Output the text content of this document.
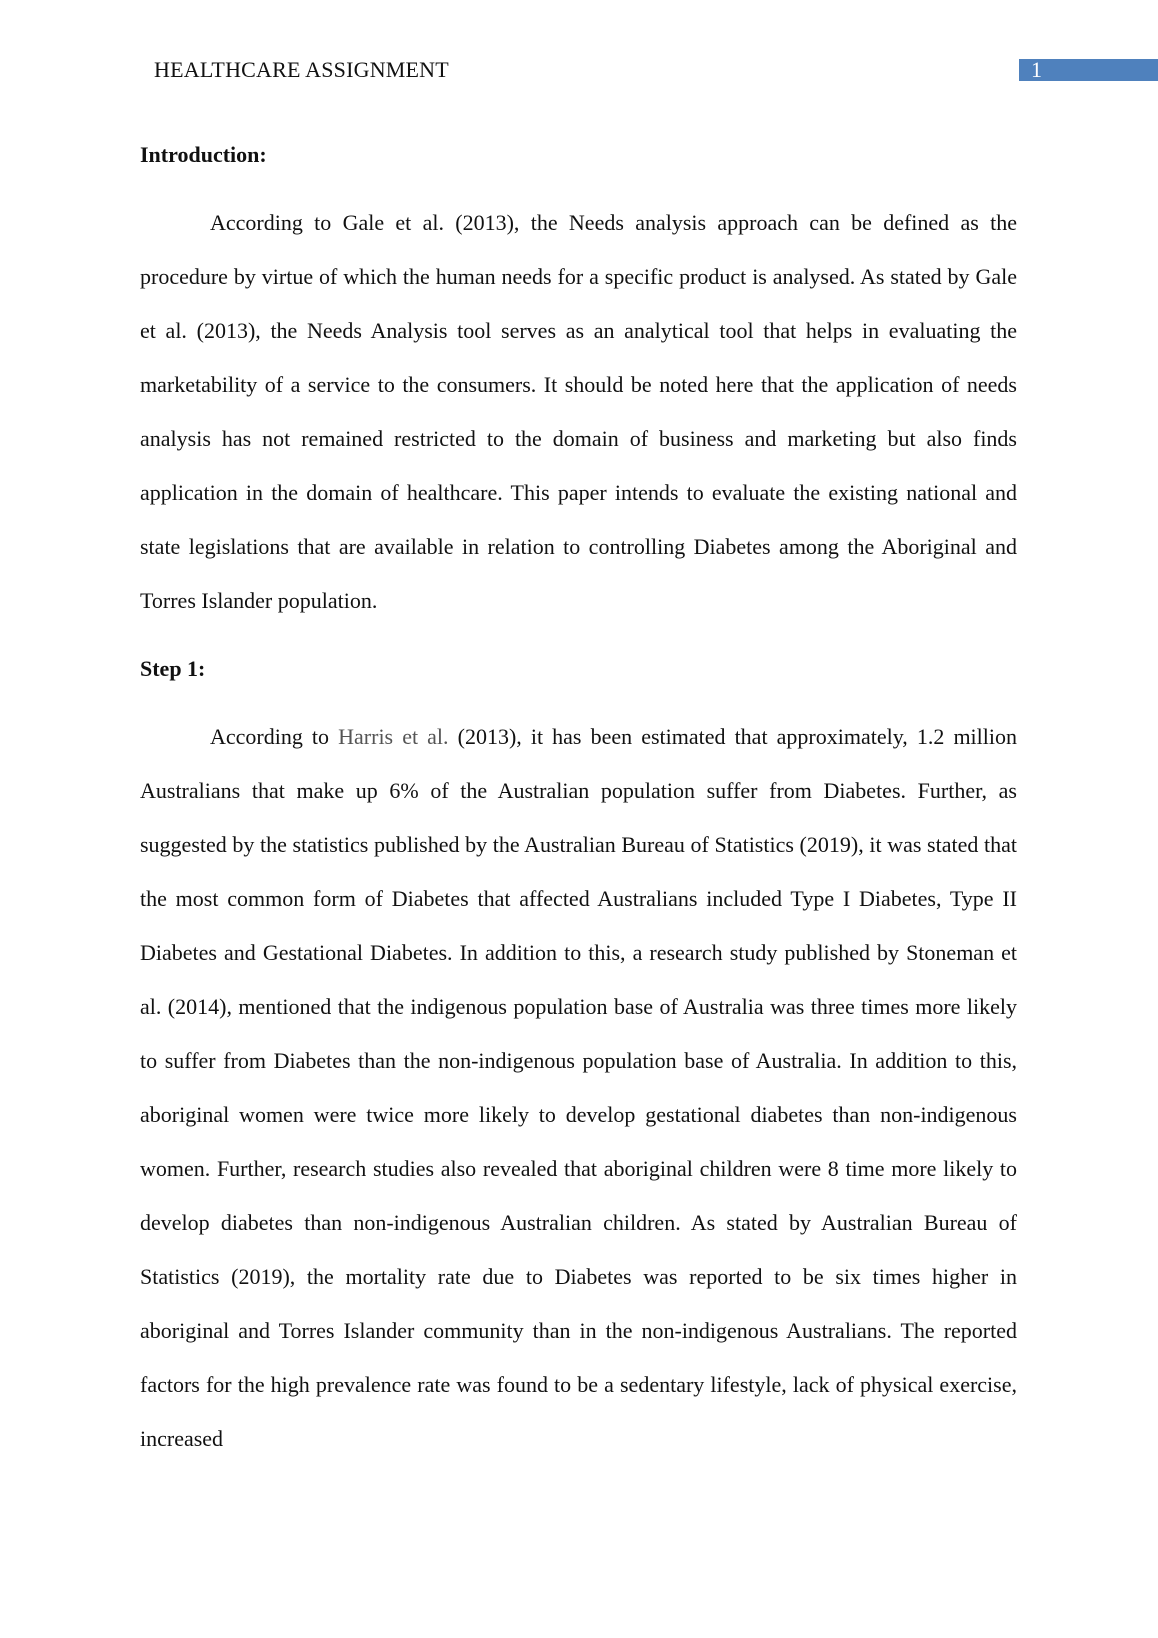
HEALTHCARE ASSIGNMENT	1
Introduction:

According to Gale et al. (2013), the Needs analysis approach can be defined as the procedure by virtue of which the human needs for a specific product is analysed. As stated by Gale et al. (2013), the Needs Analysis tool serves as an analytical tool that helps in evaluating the marketability of a service to the consumers. It should be noted here that the application of needs analysis has not remained restricted to the domain of business and marketing but also finds application in the domain of healthcare. This paper intends to evaluate the existing national and state legislations that are available in relation to controlling Diabetes among the Aboriginal and Torres Islander population.

Step 1:

According to Harris et al. (2013), it has been estimated that approximately, 1.2 million Australians that make up 6% of the Australian population suffer from Diabetes. Further, as suggested by the statistics published by the Australian Bureau of Statistics (2019), it was stated that the most common form of Diabetes that affected Australians included Type I Diabetes, Type II Diabetes and Gestational Diabetes. In addition to this, a research study published by Stoneman et al. (2014), mentioned that the indigenous population base of Australia was three times more likely to suffer from Diabetes than the non-indigenous population base of Australia. In addition to this, aboriginal women were twice more likely to develop gestational diabetes than non-indigenous women. Further, research studies also revealed that aboriginal children were 8 time more likely to develop diabetes than non-indigenous Australian children. As stated by Australian Bureau of Statistics (2019), the mortality rate due to Diabetes was reported to be six times higher in aboriginal and Torres Islander community than in the non-indigenous Australians. The reported factors for the high prevalence rate was found to be a sedentary lifestyle, lack of physical exercise, increased
